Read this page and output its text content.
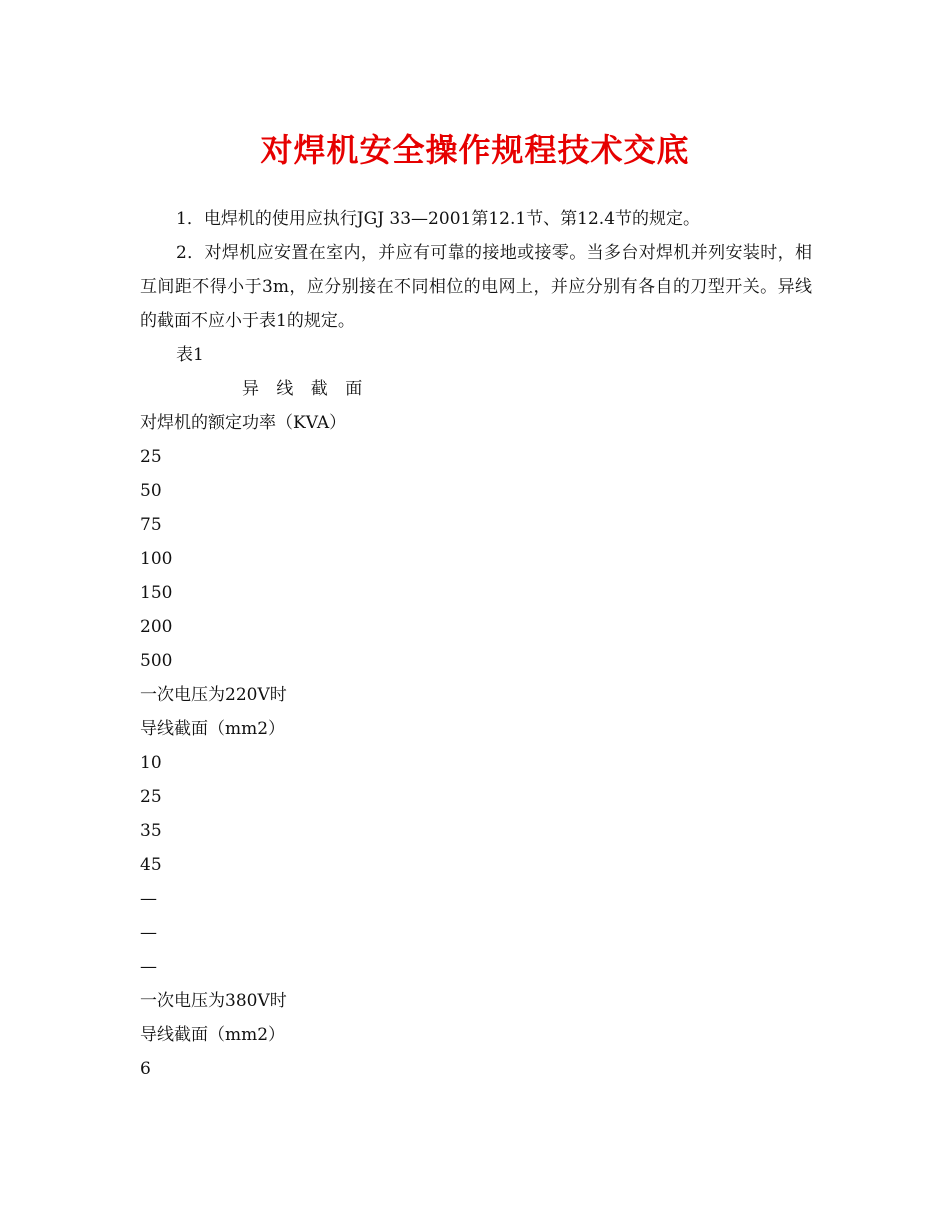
对焊机安全操作规程技术交底

1．电焊机的使用应执行JGJ 33—2001第12.1节、第12.4节的规定。

2．对焊机应安置在室内，并应有可靠的接地或接零。当多台对焊机并列安装时，相互间距不得小于3m，应分别接在不同相位的电网上，并应分别有各自的刀型开关。异线的截面不应小于表1的规定。

表1

异 线 截 面

对焊机的额定功率（KVA）

25

50

75

100

150

200

500

一次电压为220V时

导线截面（mm2）

10

25

35

45

—

—

—

一次电压为380V时

导线截面（mm2）

6
